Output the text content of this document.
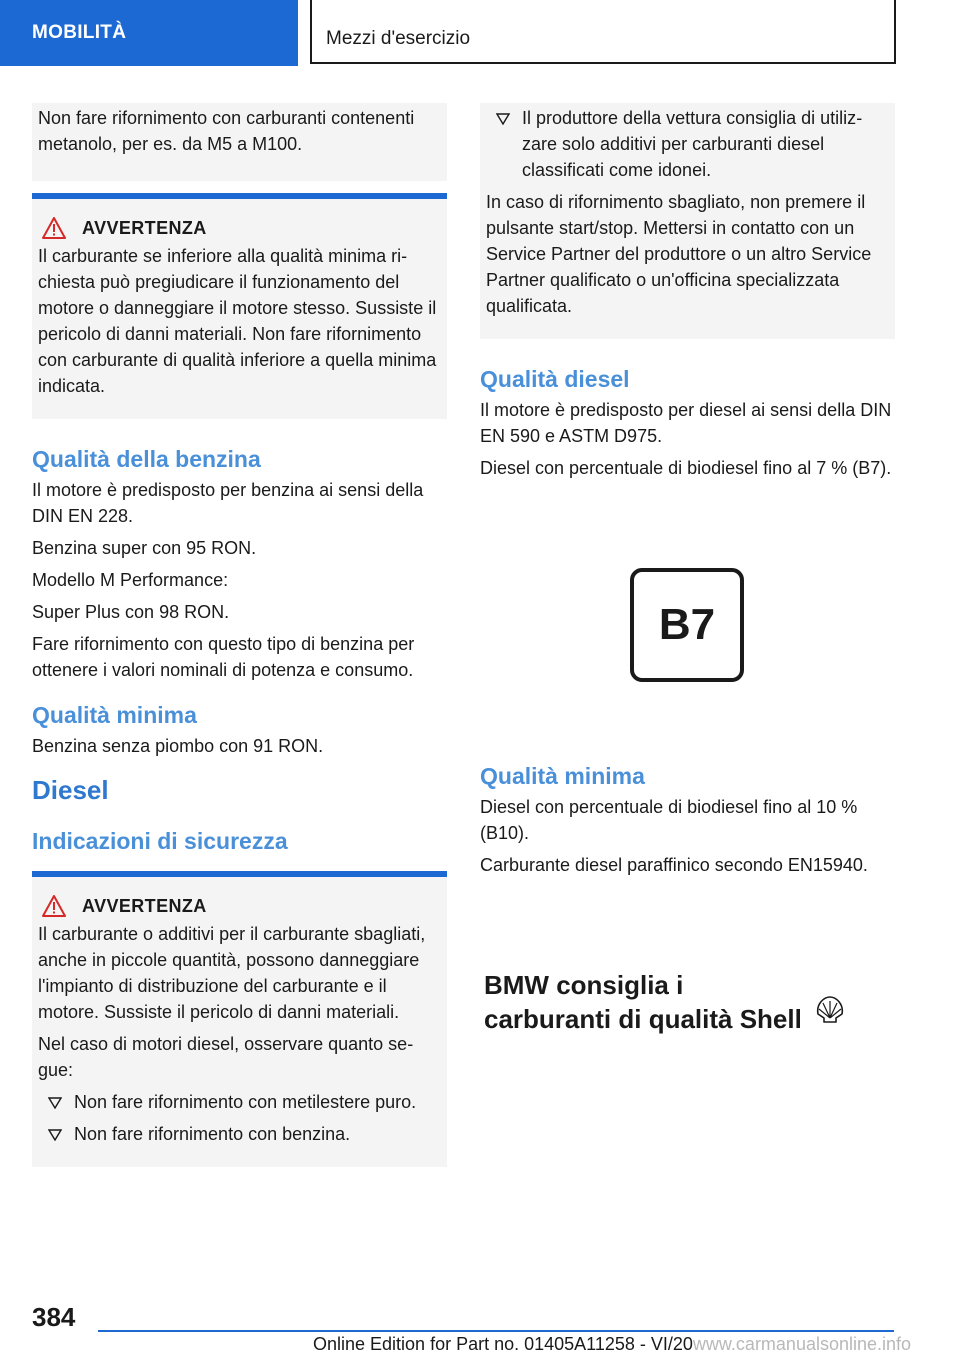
MOBILITÀ	Mezzi d'esercizio

Non fare rifornimento con carburanti contenenti metanolo, per es. da M5 a M100.

AVVERTENZA

Il carburante se inferiore alla qualità minima richiesta può pregiudicare il funzionamento del motore o danneggiare il motore stesso. Sussiste il pericolo di danni materiali. Non fare rifornimento con carburante di qualità inferiore a quella minima indicata.

Qualità della benzina

Il motore è predisposto per benzina ai sensi della DIN EN 228.

Benzina super con 95 RON.

Modello M Performance:

Super Plus con 98 RON.

Fare rifornimento con questo tipo di benzina per ottenere i valori nominali di potenza e consumo.

Qualità minima

Benzina senza piombo con 91 RON.

Diesel
Indicazioni di sicurezza
AVVERTENZA

Il carburante o additivi per il carburante sbagliati, anche in piccole quantità, possono danneggiare l'impianto di distribuzione del carburante e il motore. Sussiste il pericolo di danni materiali.

Nel caso di motori diesel, osservare quanto segue:

Non fare rifornimento con metilestere puro.
Non fare rifornimento con benzina.
Il produttore della vettura consiglia di utilizzare solo additivi per carburanti diesel classificati come idonei.

In caso di rifornimento sbagliato, non premere il pulsante start/stop. Mettersi in contatto con un Service Partner del produttore o un altro Service Partner qualificato o un'officina specializzata qualificata.

Qualità diesel

Il motore è predisposto per diesel ai sensi della DIN EN 590 e ASTM D975.

Diesel con percentuale di biodiesel fino al 7 % (B7).

B7
Qualità minima

Diesel con percentuale di biodiesel fino al 10 % (B10).

Carburante diesel paraffinico secondo EN15940.

BMW consiglia i
carburanti di qualità Shell
384
Online Edition for Part no. 01405A11258 - VI/20www.carmanualsonline.info
